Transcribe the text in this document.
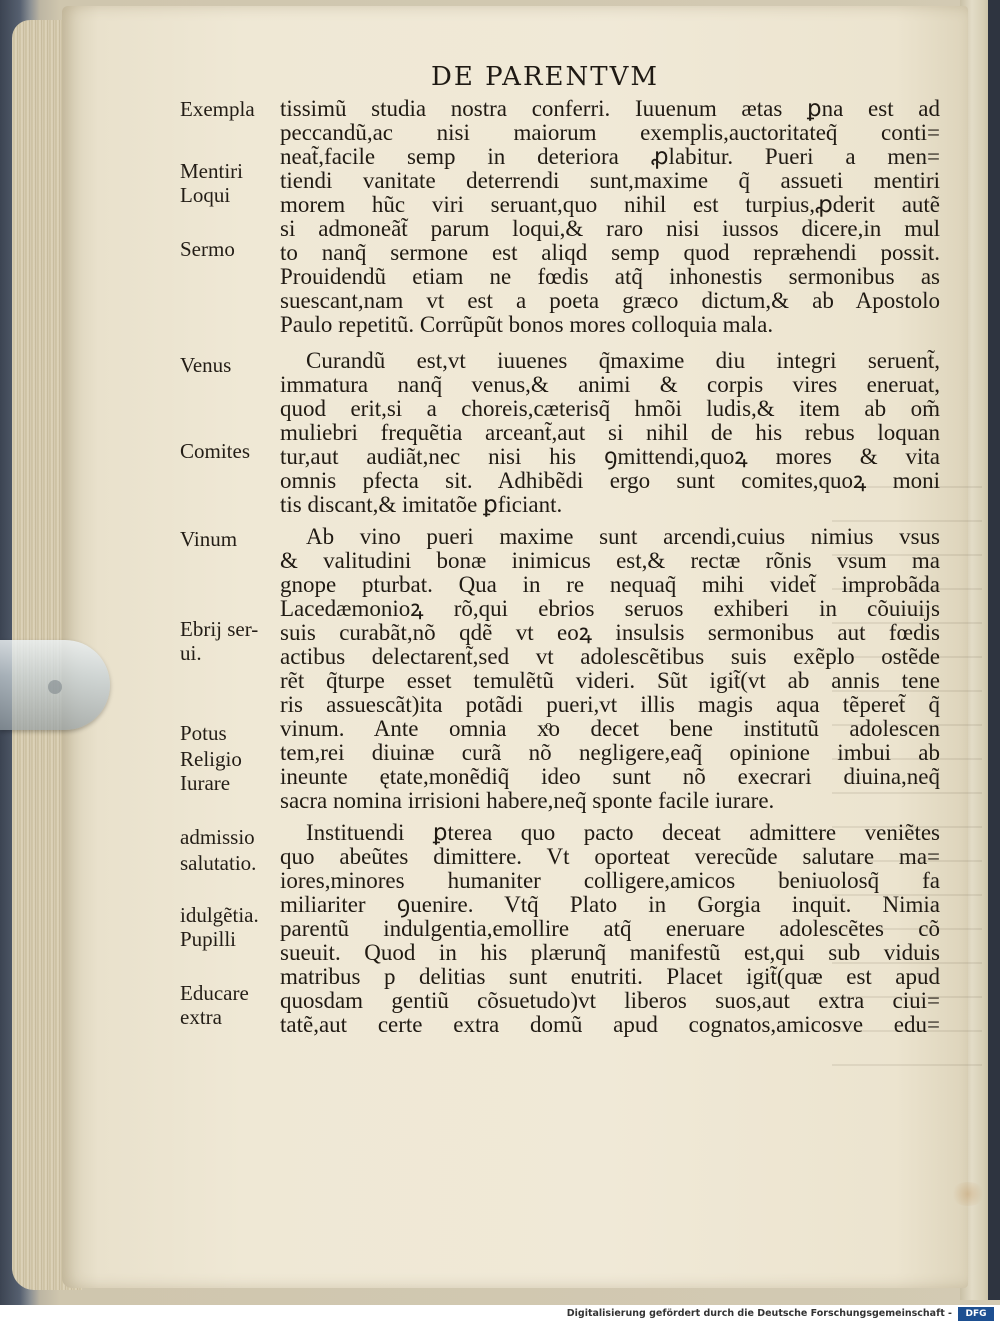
DE PARENTVM
Exempla
Mentiri
Loqui
Sermo
Venus
Comites
Vinum
Ebrij ser-
ui.
Potus
Religio
Iurare
admissio
salutatio.
idulgẽtia.
Pupilli
Educare
extra
tissimũ studia nostra conferri. Iuuenum ætas ꝑna est ad
peccandũ,ac nisi maiorum exemplis,auctoritateq̃ conti=
neat̃,facile semp in deteriora ꝓlabitur. Pueri a men=
tiendi vanitate deterrendi sunt,maxime q̃ assueti mentiri
morem hũc viri seruant,quo nihil est turpius,ꝓderit autẽ
si admoneãt̃ parum loqui,& raro nisi iussos dicere,in mul
to nanq̃ sermone est aliqd semp quod repræhendi possit.
Prouidendũ etiam ne fœdis atq̃ inhonestis sermonibus as
suescant,nam vt est a poeta græco dictum,& ab Apostolo
Paulo repetitũ. Corrũpũt bonos mores colloquia mala.
Curandũ est,vt iuuenes q̃maxime diu integri seruent̃,
immatura nanq̃ venus,& animi & corpis vires eneruat,
quod erit,si a choreis,cæterisq̃ hmõi ludis,& item ab om̃
muliebri frequẽtia arceant̃,aut si nihil de his rebus loquan
tur,aut audiãt,nec nisi his ꝯmittendi,quoꝝ mores & vita
omnis pfecta sit. Adhibẽdi ergo sunt comites,quoꝝ moni
tis discant,& imitatõe ꝑficiant.
Ab vino pueri maxime sunt arcendi,cuius nimius vsus
& valitudini bonæ inimicus est,& rectæ rõnis vsum ma
gnope pturbat. Qua in re nequaq̃ mihi videt̃ improbãda
Lacedæmonioꝝ rõ,qui ebrios seruos exhiberi in cõuiuijs
suis curabãt,nõ qdẽ vt eoꝝ insulsis sermonibus aut fœdis
actibus delectarent̃,sed vt adolescẽtibus suis exẽplo ostẽde
rẽt q̃turpe esset temulẽtũ videri. Sũt igit̃(vt ab annis tene
ris assuescãt)ita potãdi pueri,vt illis magis aqua tẽperet̃ q̃
vinum. Ante omnia xͦo decet bene institutũ adolescen
tem,rei diuinæ curã nõ negligere,eaq̃ opinione imbui ab
ineunte ętate,monẽdiq̃ ideo sunt nõ execrari diuina,neq̃
sacra nomina irrisioni habere,neq̃ sponte facile iurare.
Instituendi ꝑterea quo pacto deceat admittere veniẽtes
quo abeũtes dimittere. Vt oporteat verecũde salutare ma=
iores,minores humaniter colligere,amicos beniuolosq̃ fa
miliariter ꝯuenire. Vtq̃ Plato in Gorgia inquit. Nimia
parentũ indulgentia,emollire atq̃ eneruare adolescẽtes cõ
sueuit. Quod in his plærunq̃ manifestũ est,qui sub viduis
matribus p delitias sunt enutriti. Placet igit̃(quæ est apud
quosdam gentiũ cõsuetudo)vt liberos suos,aut extra ciui=
tatẽ,aut certe extra domũ apud cognatos,amicosve edu=
Digitalisierung gefördert durch die Deutsche Forschungsgemeinschaft -	DFG
